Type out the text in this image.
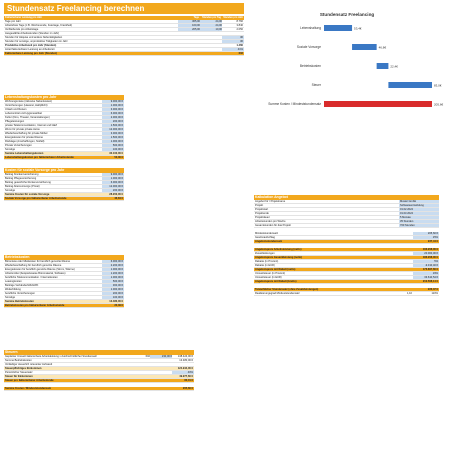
Stundensatz Freelancing berechnen
Fakturierbarer Leistung pro Jahr	Tage	Stunden pro Tag Stunden pro Jahr
Tage pro Jahr	365,00	24,00	8.760
Arbeitsfreie Tage (z.B. Wochenende, Feiertage, Krankheit)	160,00	24,00	3.840
Verbleibende pro Arbeitstage	205,00	10,00	2.050
Ausgewählte Arbeitsstunden (Stunden im Jahr)
Stunden für Akquise und andere Nebentätigkeiten	30
Stunden für sonstige, unproduktive Tätigkeiten im Jahr	30
Produktive Arbeitszeit pro Jahr (Stunden)	1.460
Anteil fakturierbarer Leistung an Arbeitszeit	41%
Fakturierbare Leistung pro Jahr (Stunden)	602
Lebenshaltungskosten pro Jahr
Wohnungsmiete (inklusive Nebenkosten)	9.000,00 €
Versicherungen (Hausrat, Haftpflicht)	1.000,00 €
Urlaub und Reisen	3.000,00 €
Lebensmittel und Hygieneartikel	6.000,00 €
Kultur (Kino, Theater, Veranstaltungen)	2.000,00 €
Pflegeleistungen	200,00 €
private Telekommunikation, Internet und GEZ	1.500,00 €
Wenn für private private Autos	12.000,00 €
Wiederbeschaffung für private Möbel	3.000,00 €
Energiekosten für private Räume	1.500,00 €
Rücklage (Anschaffungen, Notfall)	1.000,00 €
Private Versicherungen	500,00 €
Sonstige	100,00 €
Summe Lebenshaltungskosten	32.100,00 €
Lebenshaltungskosten pro fakturierbarer Arbeitsstunde	53,36 €
Kosten für soziale Vorsorge pro Jahr
Beitrag Krankenversicherung	9.000,00 €
Beitrag Pflegeversicherung	1.000,00 €
Beitrag gesetzliche Rentenversicherung	6.000,00 €
Beitrag Altersvorsorge (Privat)	12.000,00 €
Sonstige	200,00 €
Summe Kosten für soziale Vorsorge	28.200,00 €
Soziale Vorsorge pro fakturierbarer Arbeitsstunde	46,84 €
Betriebskosten
Büromiete oder Mietkosten für beruflich genutzte Räume	6.000,00 €
Wiederbeschaffung für beruflich genutzte Räume	2.200,00 €
Energiekosten für beruflich genutzte Räume (Strom, Wärme)	1.000,00 €
Arbeitsmittel (beispielsweise Büromaterial, Software)	1.200,00 €
berufliche Telekommunikation / Internetkosten	1.000,00 €
Leasingkosten	500,00 €
Beiträge Verbände/IHK/HWK	300,00 €
Weiterbildung	1.000,00 €
berufliche Versicherungen	200,00 €
Sonstige	100,00 €
Summe Betriebskosten	13.480,00 €
Betriebskosten pro fakturierbarer Arbeitsstunde	22,39 €
Steuern
Geplanter Umsatz fakturierbare Arbeitsleistung x durchschnittlicher Stundensatz	602	230,00 €	138.424,00 €
Summe Betriebskosten	13.480,00 €
Vorläufiger steuerlich relevanter Aufwand
Steuerpflichtiges Einkommen	124.944,00 €
Persönlicher Steuersatz	40%
Steuer für Einkommen	49.977,60 €
Steuer pro fakturierbarer Arbeitsstunde	83,01 €
Summe Kosten / Mindeststundensatz	205,60 €
Stundensatz Freelancing
Lebenshaltung	53,4€
Soziale Vorsorge	46,8€
Betriebskosten	22,4€
Steuer	83,0€
Summe Kosten / Mindeststundensatz	205,6€
Kalkulation Angebot
Angebot für / Projektname	Muster GmbH
Projekt	Softwareentwicklung
Projektstart	01.02.2024
Projektende	01.03.2024
Projektdauer	5 Monate
Arbeitsstunden pro Woche	35 Stunden
Gesamtstunden für das Projekt	700 Stunden
Mindeststundensatz	205,60 €
Gewinnaufschlag	15%
Angebotsstundensatz	237,44 €
Angebotspreis Arbeitsleistung (netto)	166.208,00 €
Zusatzleistungen	20.000,00 €
Angebotspreis Gesamtleistung (netto)	186.208,00 €
Rabatte (in Prozent)	5%
Rabatte (in EUR)	-9.310,40 €
Angebotspreis mit Rabatt (netto)	176.897,60 €
Umsatzsteuer (in Prozent)	19%
Umsatzsteuer (in EUR)	33.610,54 €
Angebotspreis mit Rabatt (brutto)	210.508,14 €
Tatsächlicher Stundensatz (ohne Zusatzleistungen)	226,37 €
Realisierungsgrad Mindeststundensatz	1,10	110%
